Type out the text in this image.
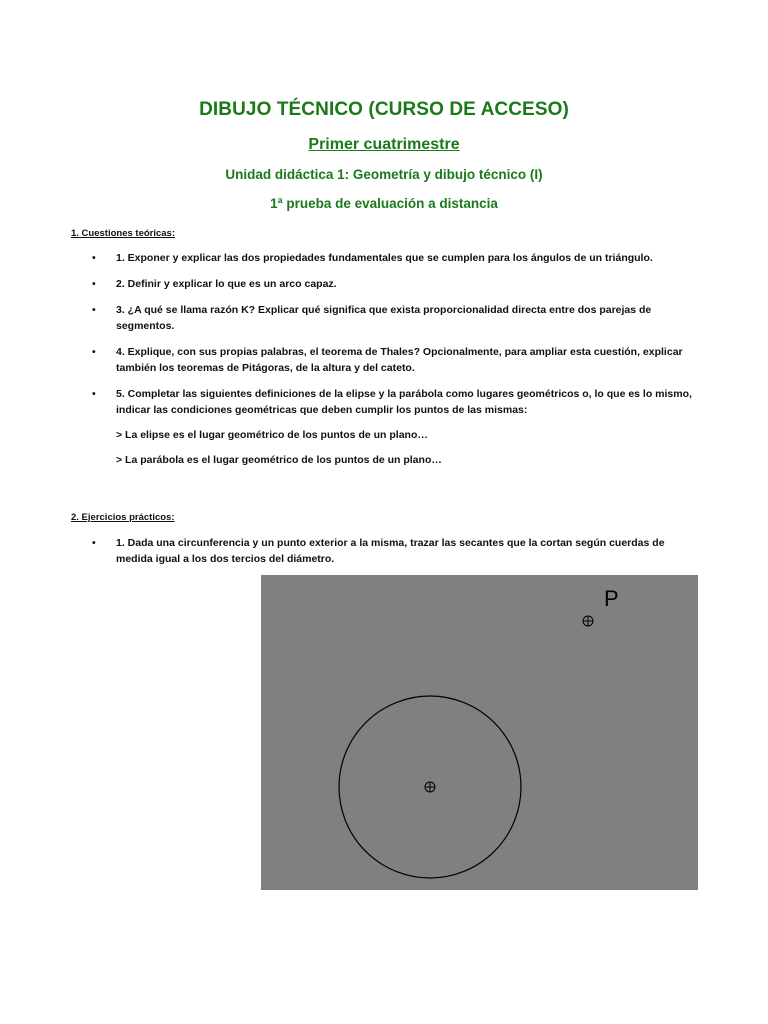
DIBUJO TÉCNICO (CURSO DE ACCESO)
Primer cuatrimestre
Unidad didáctica 1: Geometría y dibujo técnico (I)
1ª prueba de evaluación a distancia
1. Cuestiones teóricas:
•	1. Exponer y explicar las dos propiedades fundamentales que se cumplen para los ángulos de un triángulo.
•	2. Definir y explicar lo que es un arco capaz.
•	3. ¿A qué se llama razón K? Explicar qué significa que exista proporcionalidad directa entre dos parejas de segmentos.
•	4. Explique, con sus propias palabras, el teorema de Thales? Opcionalmente, para ampliar esta cuestión, explicar también los teoremas de Pitágoras, de la altura y del cateto.
•	5. Completar las siguientes definiciones de la elipse y la parábola como lugares geométricos o, lo que es lo mismo, indicar las condiciones geométricas que deben cumplir los puntos de las mismas:
> La elipse es el lugar geométrico de los puntos de un plano…
> La parábola es el lugar geométrico de los puntos de un plano…
2. Ejercicios prácticos:
•	1. Dada una circunferencia y un punto exterior a la misma, trazar las secantes que la cortan según cuerdas de medida igual a los dos tercios del diámetro.
P
